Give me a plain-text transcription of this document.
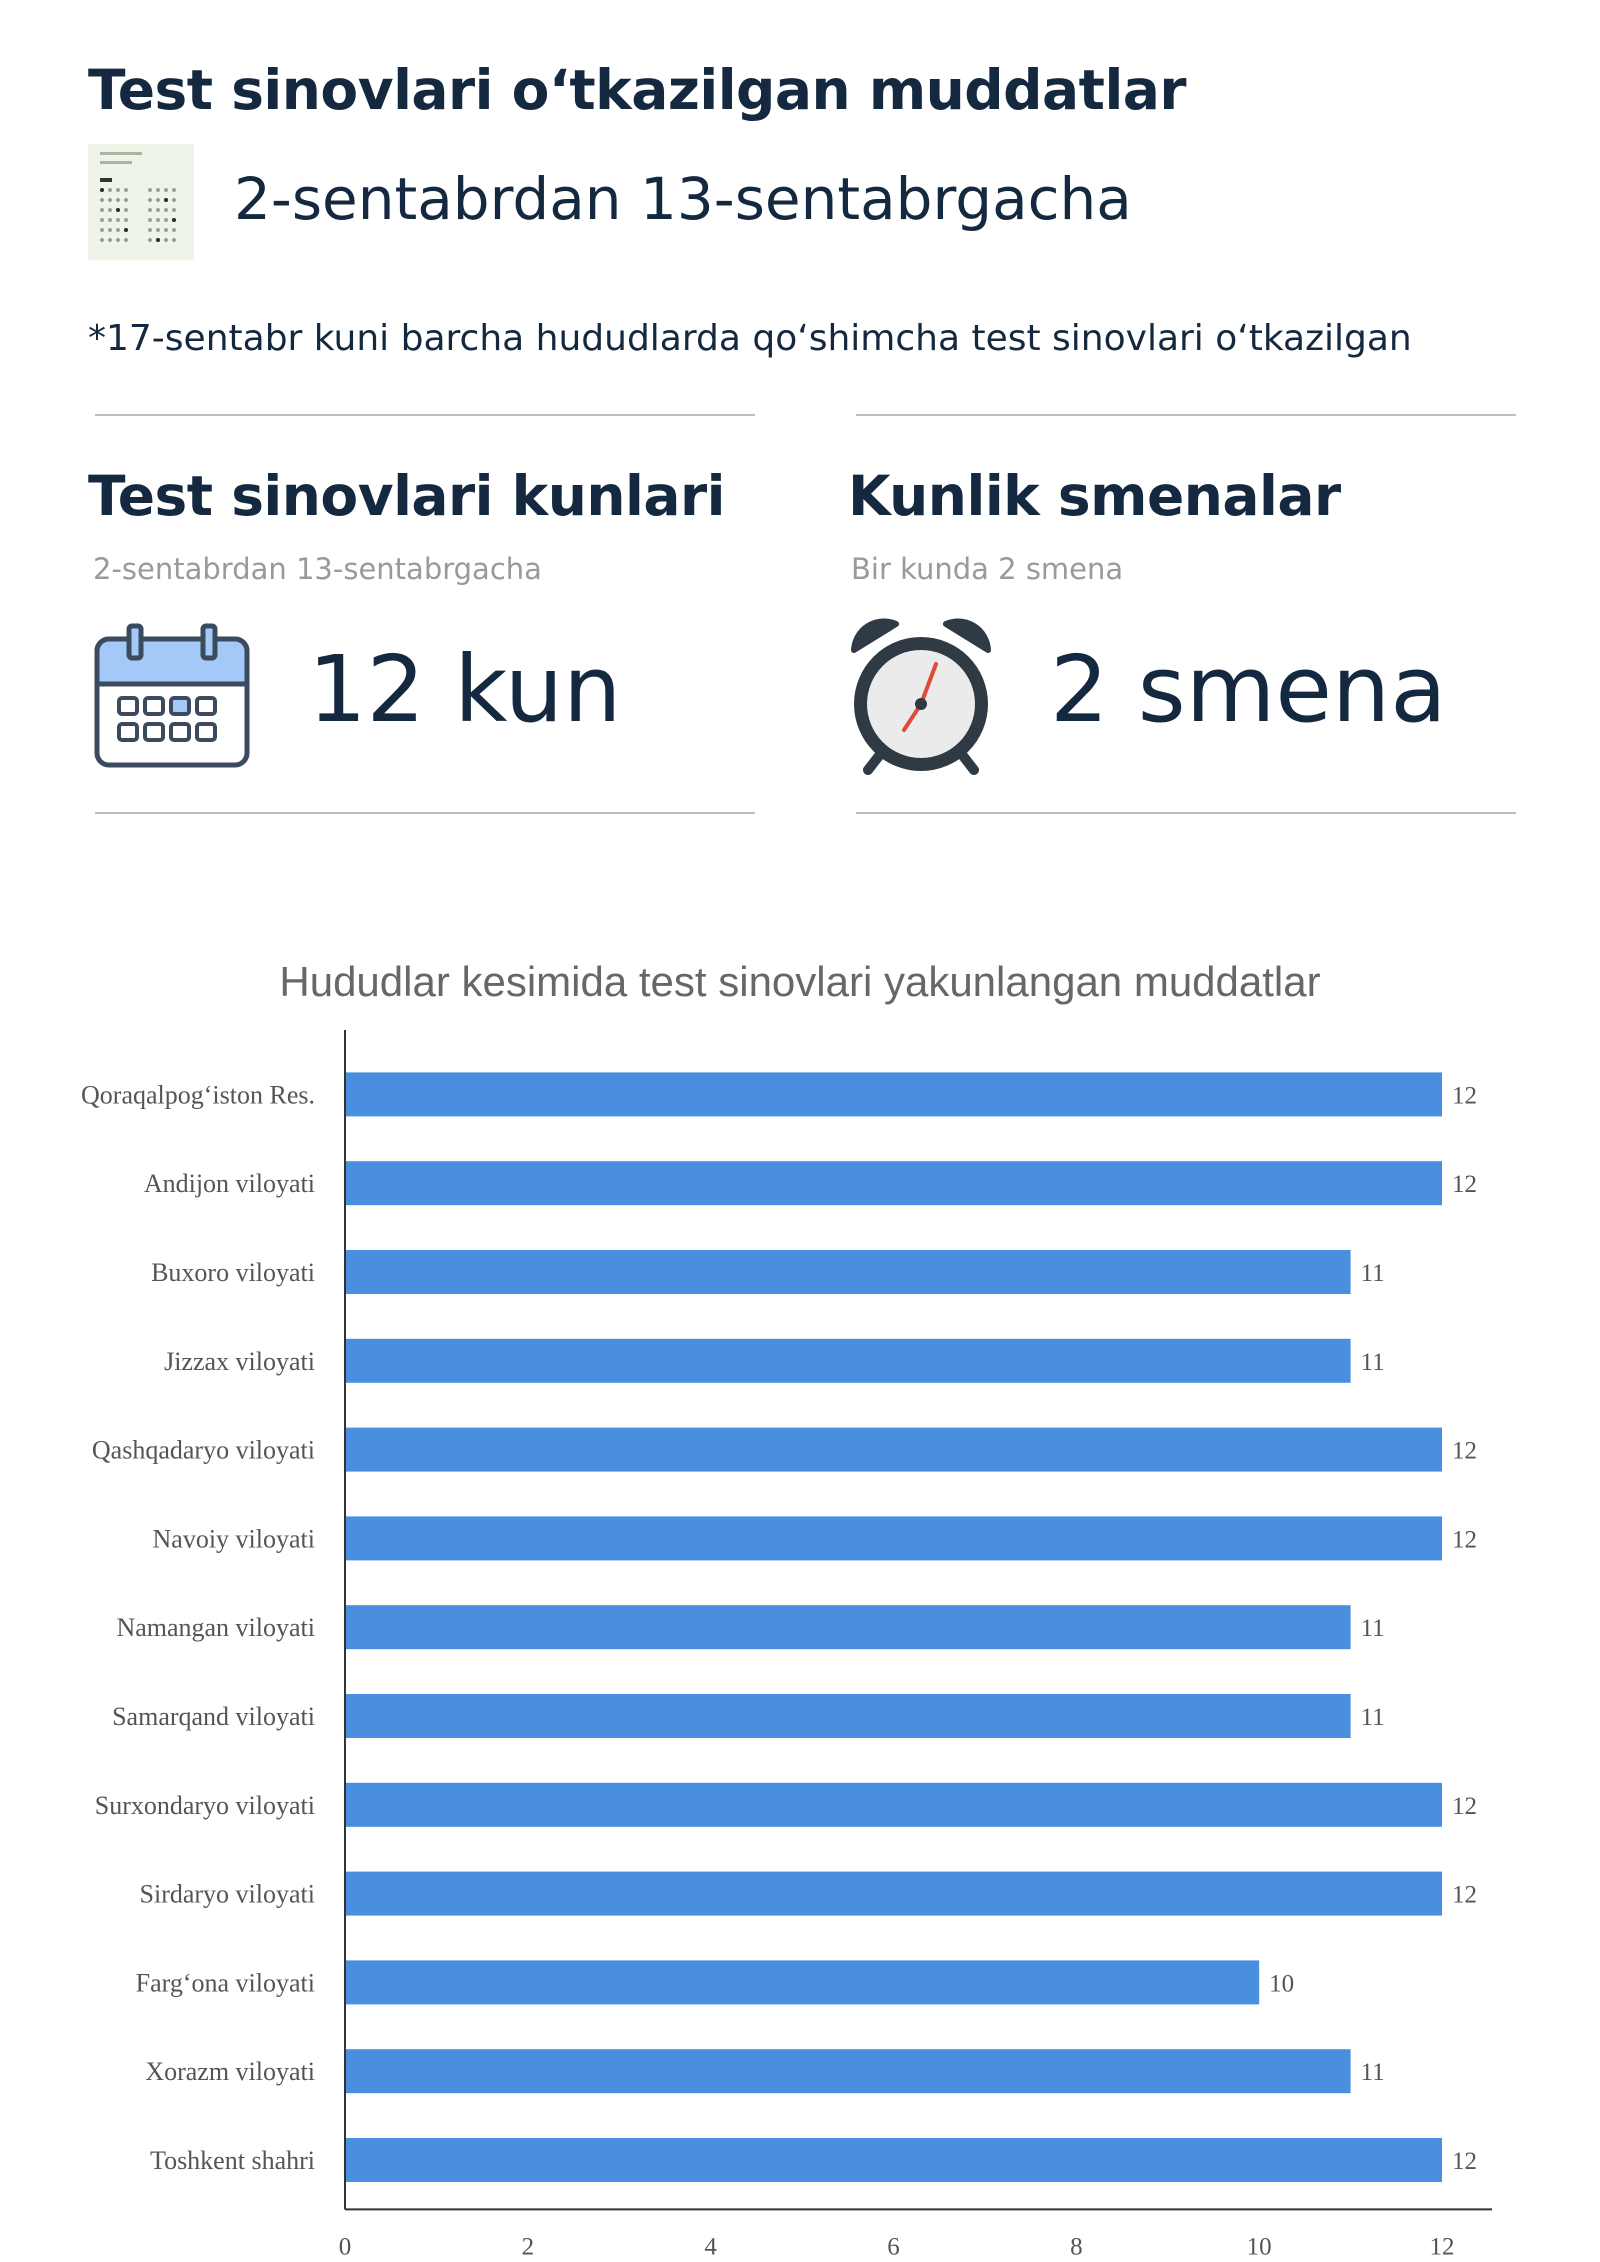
Test sinovlari o‘tkazilgan muddatlar
2-sentabrdan 13-sentabrgacha
*17-sentabr kuni barcha hududlarda qo‘shimcha test sinovlari o‘tkazilgan
Test sinovlari kunlari
2-sentabrdan 13-sentabrgacha
12 kun
Kunlik smenalar
Bir kunda 2 smena
2 smena
Hududlar kesimida test sinovlari yakunlangan muddatlar
Qoraqalpog‘iston Res.	12
Andijon viloyati	12
Buxoro viloyati	11
Jizzax viloyati	11
Qashqadaryo viloyati	12
Navoiy viloyati	12
Namangan viloyati	11
Samarqand viloyati	11
Surxondaryo viloyati	12
Sirdaryo viloyati	12
Farg‘ona viloyati	10
Xorazm viloyati	11
Toshkent shahri	12
0	2	4	6	8	10	12
